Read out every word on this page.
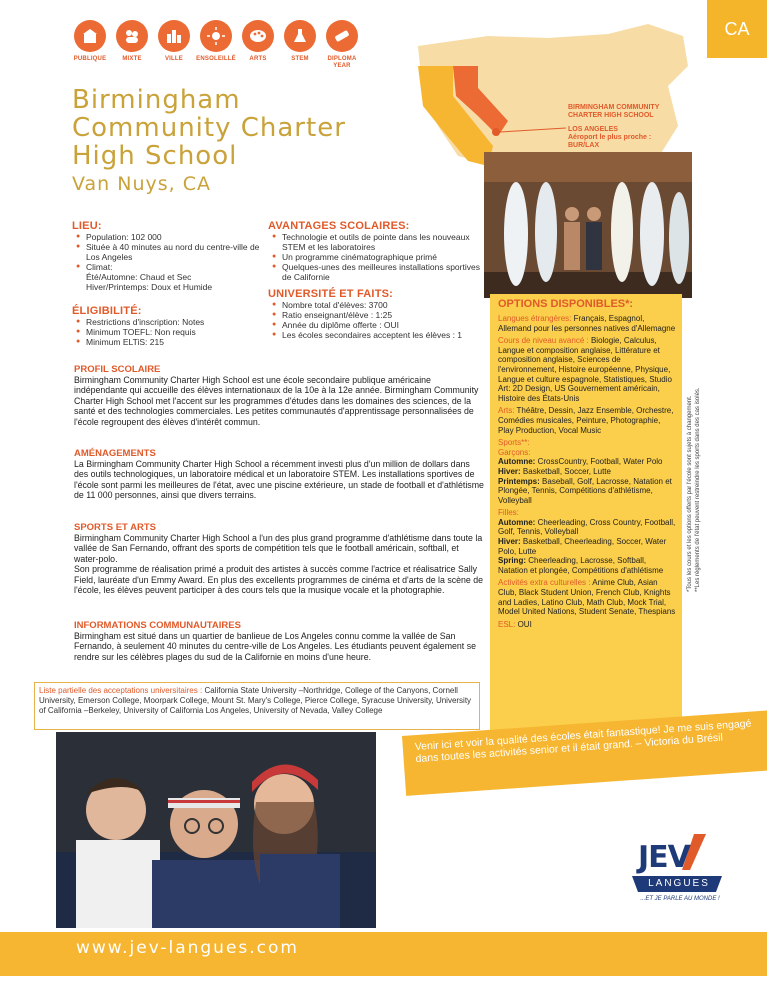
PUBLIQUE	MIXTE	VILLE	ENSOLEILLÉ	ARTS	STEM	DIPLOMA YEAR
CA
BIRMINGHAM COMMUNITY
CHARTER HIGH SCHOOL
LOS ANGELES
Aéroport le plus proche :
BUR/LAX
Birmingham
Community Charter
High School
Van Nuys, CA
LIEU:
● Population: 102 000
● Située à 40 minutes au nord du centre-ville de Los Angeles
● Climat:
Été/Automne: Chaud et Sec
Hiver/Printemps: Doux et Humide
ÉLIGIBILITÉ:
● Restrictions d'inscription: Notes
● Minimum TOEFL: Non requis
● Minimum ELTiS: 215
AVANTAGES SCOLAIRES:
● Technologie et outils de pointe dans les nouveaux STEM et les laboratoires
● Un programme cinématographique primé
● Quelques-unes des meilleures installations sportives de Californie
UNIVERSITÉ ET FAITS:
● Nombre total d'élèves: 3700
● Ratio enseignant/élève : 1:25
● Année du diplôme offerte : OUI
● Les écoles secondaires acceptent les élèves : 1
PROFIL SCOLAIRE
Birmingham Community Charter High School est une école secondaire publique américaine indépendante qui accueille des élèves internationaux de la 10e à la 12e année. Birmingham Community Charter High School met l'accent sur les programmes d'études dans les domaines des sciences, de la santé et des technologies commerciales. Les petites communautés d'apprentissage personnalisées de l'école regroupent des élèves d'intérêt commun.
AMÉNAGEMENTS
La Birmingham Community Charter High School a récemment investi plus d'un million de dollars dans des outils technologiques, un laboratoire médical et un laboratoire STEM. Les installations sportives de l'école sont parmi les meilleures de l'état, avec une piscine extérieure, un stade de football et d'athlétisme de 11 000 personnes, ainsi que divers terrains.
SPORTS ET ARTS
Birmingham Community Charter High School a l'un des plus grand programme d'athlétisme dans toute la vallée de San Fernando, offrant des sports de compétition tels que le football américain, softball, et water-polo.
Son programme de réalisation primé a produit des artistes à succès comme l'actrice et réalisatrice Sally Field, lauréate d'un Emmy Award. En plus des excellents programmes de cinéma et d'arts de la scène de l'école, les élèves peuvent participer à des cours tels que la musique vocale et la photographie.
INFORMATIONS COMMUNAUTAIRES
Birmingham est situé dans un quartier de banlieue de Los Angeles connu comme la vallée de San Fernando, à seulement 40 minutes du centre-ville de Los Angeles. Les étudiants peuvent également se rendre sur les célèbres plages du sud de la Californie en moins d'une heure.
OPTIONS DISPONIBLES*:
Langues étrangères: Français, Espagnol, Allemand pour les personnes natives d'Allemagne
Cours de niveau avancé : Biologie, Calculus, Langue et composition anglaise, Littérature et composition anglaise, Sciences de l'environnement, Histoire européenne, Physique, Langue et culture espagnole, Statistiques, Studio Art: 2D Design, US Gouvernement américain, Histoire des États-Unis
Arts: Théâtre, Dessin, Jazz Ensemble, Orchestre, Comédies musicales, Peinture, Photographie, Play Production, Vocal Music
Sports**:
Garçons:
Automne: CrossCountry, Football, Water Polo
Hiver: Basketball, Soccer, Lutte
Printemps: Baseball, Golf, Lacrosse, Natation et Plongée, Tennis, Compétitions d'athlétisme, Volleyball
Filles:
Automne: Cheerleading, Cross Country, Football, Golf, Tennis, Volleyball
Hiver: Basketball, Cheerleading, Soccer, Water Polo, Lutte
Spring: Cheerleading, Lacrosse, Softball, Natation et plongée, Compétitions d'athlétisme
Activités extra culturelles : Anime Club, Asian Club, Black Student Union, French Club, Knights and Ladies, Latino Club, Math Club, Mock Trial, Model United Nations, Student Senate, Thespians
ESL: OUI
*Tous les cours et les options offerts par l'école sont sujets à changement. **Les règlements de l'état peuvent restreindre les sports dans des cas isolés.
Liste partielle des acceptations universitaires : California State University –Northridge, College of the Canyons, Cornell University, Emerson College, Moorpark College, Mount St. Mary's College, Pierce College, Syracuse University, University of California –Berkeley, University of California Los Angeles, University of Nevada, Valley College
Venir ici et voir la qualité des écoles était fantastique! Je me suis engagé dans toutes les activités senior et il était grand. – Victoria du Brésil
JEV
LANGUES
...ET JE PARLE AU MONDE !
www.jev-langues.com
